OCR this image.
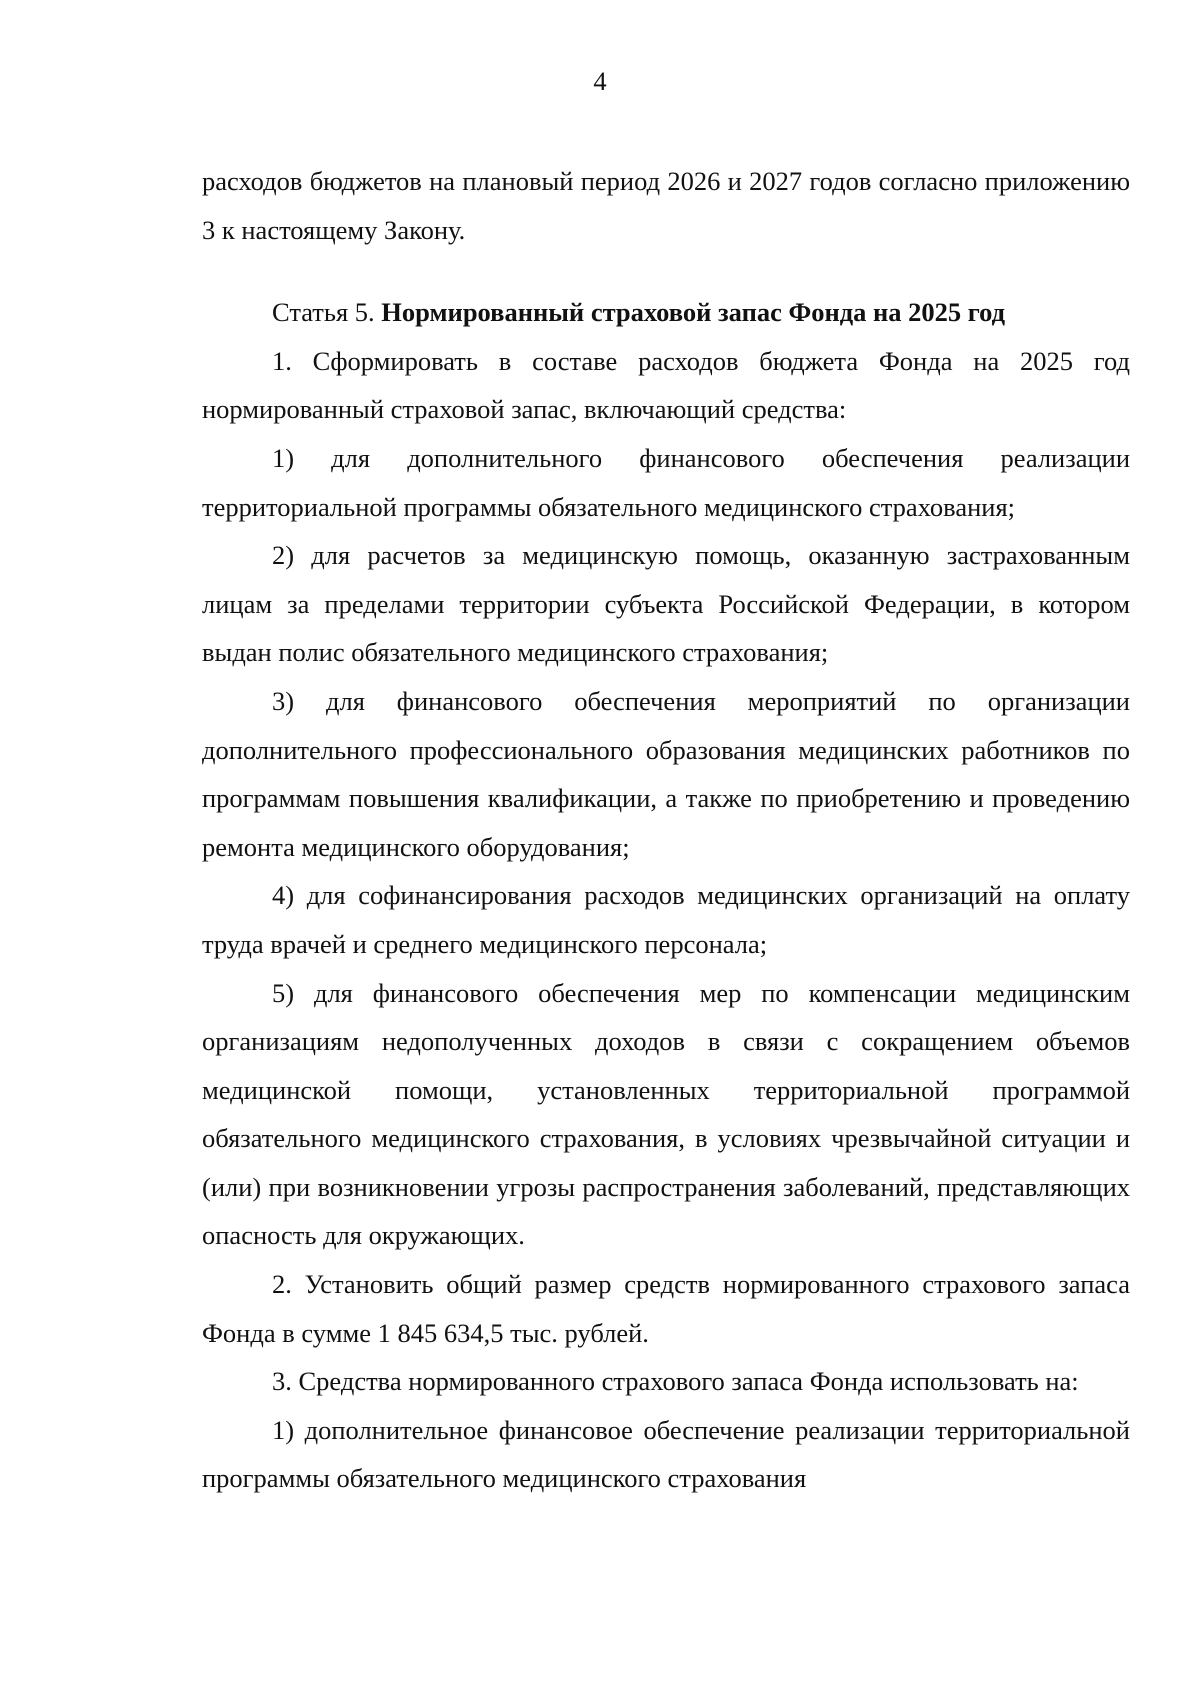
4

расходов бюджетов на плановый период 2026 и 2027 годов согласно приложению 3 к настоящему Закону.

Статья 5. Нормированный страховой запас Фонда на 2025 год

1. Сформировать в составе расходов бюджета Фонда на 2025 год нормированный страховой запас, включающий средства:

1) для дополнительного финансового обеспечения реализации территориальной программы обязательного медицинского страхования;

2) для расчетов за медицинскую помощь, оказанную застрахованным лицам за пределами территории субъекта Российской Федерации, в котором выдан полис обязательного медицинского страхования;

3) для финансового обеспечения мероприятий по организации дополнительного профессионального образования медицинских работников по программам повышения квалификации, а также по приобретению и проведению ремонта медицинского оборудования;

4) для софинансирования расходов медицинских организаций на оплату труда врачей и среднего медицинского персонала;

5) для финансового обеспечения мер по компенсации медицинским организациям недополученных доходов в связи с сокращением объемов медицинской помощи, установленных территориальной программой обязательного медицинского страхования, в условиях чрезвычайной ситуации и (или) при возникновении угрозы распространения заболеваний, представляющих опасность для окружающих.

2. Установить общий размер средств нормированного страхового запаса Фонда в сумме 1 845 634,5 тыс. рублей.

3. Средства нормированного страхового запаса Фонда использовать на:

1) дополнительное финансовое обеспечение реализации территориальной программы обязательного медицинского страхования
